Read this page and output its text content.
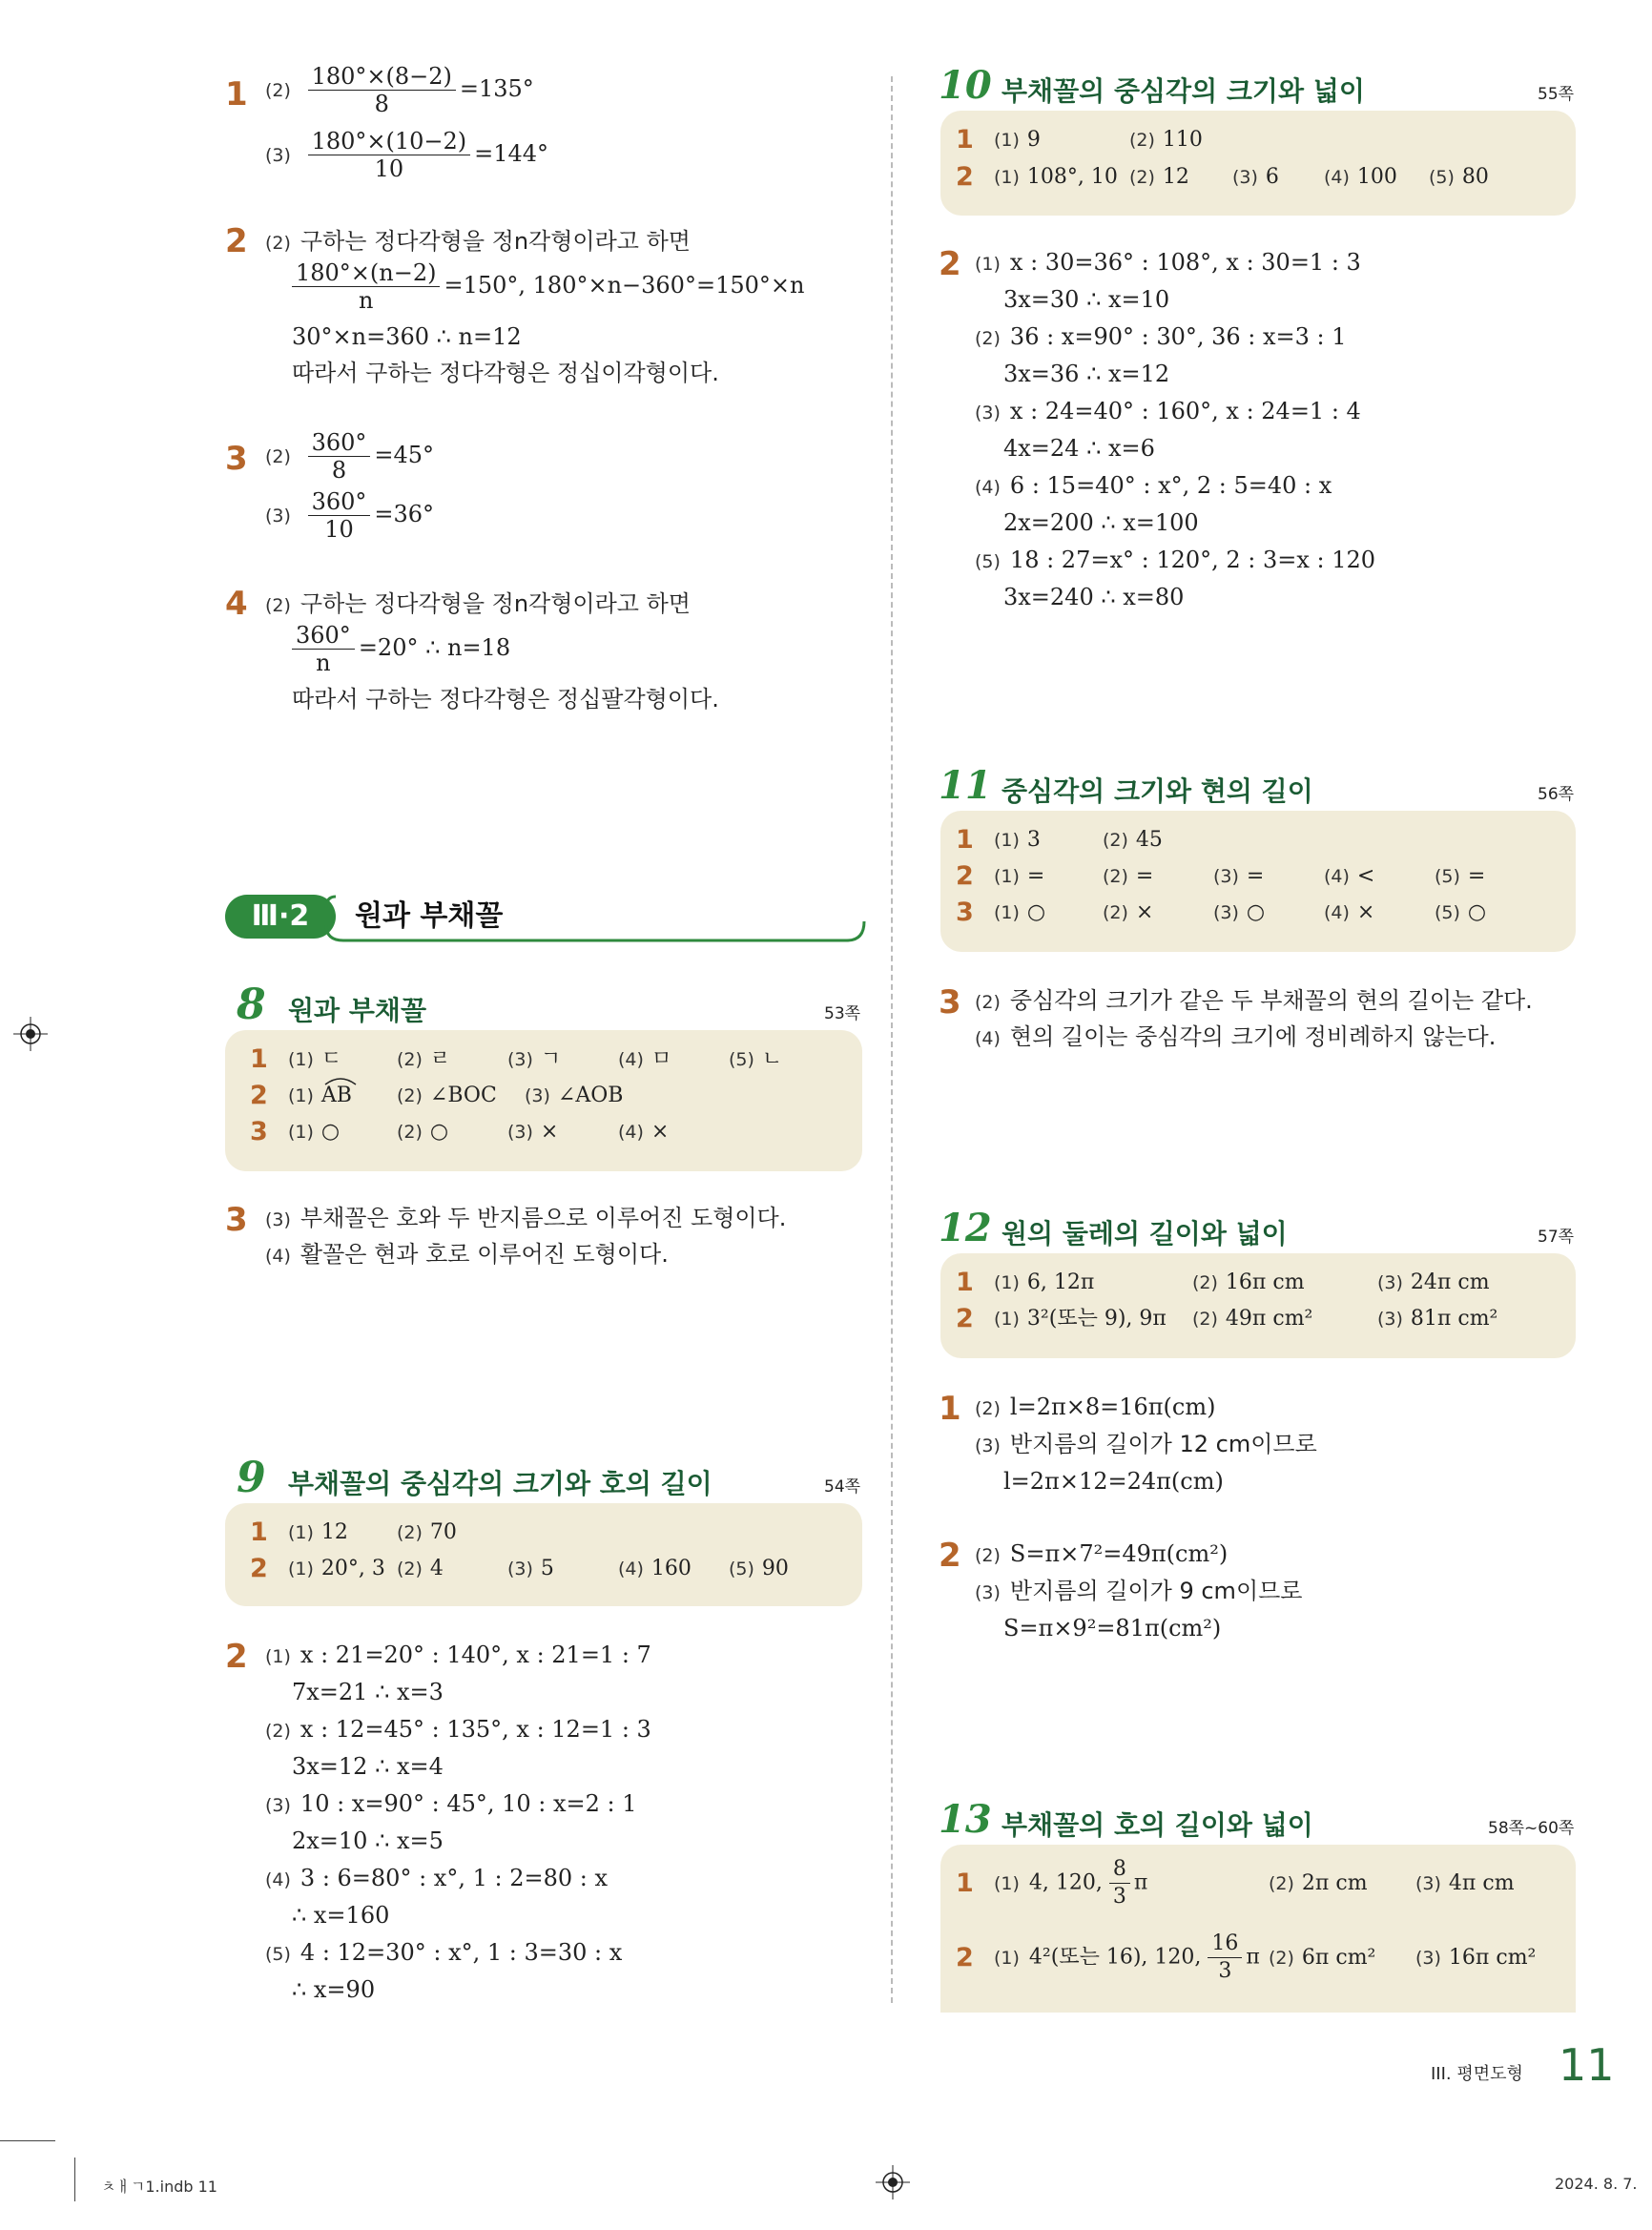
1 $(2) \frac{180^\circ\times(8-2)}{8} =135^\circ$
$(3) \frac{180^\circ\times(10-2)}{10} =144^\circ$
2 (2) 구하는 정다각형을 정n각형이라고 하면
$\frac{180^\circ\times(n-2)}{n} =150^\circ$, 180°×n−360°=150°×n
30°×n=360 ∴ n=12
따라서 구하는 정다각형은 정십이각형이다.
3 $(2) \frac{360^\circ}{8} =45^\circ$
$(3) \frac{360^\circ}{10} =36^\circ$
4 (2) 구하는 정다각형을 정n각형이라고 하면
$\frac{360^\circ}{n} =20^\circ$ ∴ n=18
따라서 구하는 정다각형은 정십팔각형이다.
Ⅲ·2	원과 부채꼴
8 원과 부채꼴	53쪽
1 (1) ㄷ	(2) ㄹ	(3) ㄱ	(4) ㅁ	(5) ㄴ
2 (1) AB (2) ∠BOC (3) ∠AOB
3 (1) ○	(2) ○	(3) ×	(4) ×
3 (3) 부채꼴은 호와 두 반지름으로 이루어진 도형이다.
(4) 활꼴은 현과 호로 이루어진 도형이다.
9 부채꼴의 중심각의 크기와 호의 길이	54쪽
1 (1) 12	(2) 70
2 (1) 20°, 3 (2) 4	(3) 5	(4) 160 (5) 90
2 (1) x : 21=20° : 140°, x : 21=1 : 7
7x=21 ∴ x=3
(2) x : 12=45° : 135°, x : 12=1 : 3
3x=12 ∴ x=4
(3) 10 : x=90° : 45°, 10 : x=2 : 1
2x=10 ∴ x=5
(4) 3 : 6=80° : x°, 1 : 2=80 : x
∴ x=160
(5) 4 : 12=30° : x°, 1 : 3=30 : x
∴ x=90
10 부채꼴의 중심각의 크기와 넓이	55쪽
1 (1) 9	(2) 110
2 (1) 108°, 10 (2) 12 (3) 6 (4) 100 (5) 80
2 (1) x : 30=36° : 108°, x : 30=1 : 3
3x=30 ∴ x=10
(2) 36 : x=90° : 30°, 36 : x=3 : 1
3x=36 ∴ x=12
(3) x : 24=40° : 160°, x : 24=1 : 4
4x=24 ∴ x=6
(4) 6 : 15=40° : x°, 2 : 5=40 : x
2x=200 ∴ x=100
(5) 18 : 27=x° : 120°, 2 : 3=x : 120
3x=240 ∴ x=80
11 중심각의 크기와 현의 길이	56쪽
1 (1) 3	(2) 45
2 (1) =	(2) =	(3) =	(4) <	(5) =
3 (1) ○	(2) ×	(3) ○	(4) ×	(5) ○
3 (2) 중심각의 크기가 같은 두 부채꼴의 현의 길이는 같다.
(4) 현의 길이는 중심각의 크기에 정비례하지 않는다.
12 원의 둘레의 길이와 넓이	57쪽
1 (1) 6, 12π	(2) 16π cm	(3) 24π cm
2 (1) 3²(또는 9), 9π (2) 49π cm²	(3) 81π cm²
1 (2) l=2π×8=16π(cm)
(3) 반지름의 길이가 12 cm이므로
l=2π×12=24π(cm)
2 (2) S=π×7²=49π(cm²)
(3) 반지름의 길이가 9 cm이므로
S=π×9²=81π(cm²)
13 부채꼴의 호의 길이와 넓이	58쪽~60쪽
1 (1) 4, 120, $\frac{8}{3}$ π	(2) 2π cm	(3) 4π cm
2 (1) 4²(또는 16), 120, $\frac{16}{3}$ π (2) 6π cm² (3) 16π cm²
III. 평면도형 11
ㅊㅐㄱ1.indb 11	2024. 8. 7.
